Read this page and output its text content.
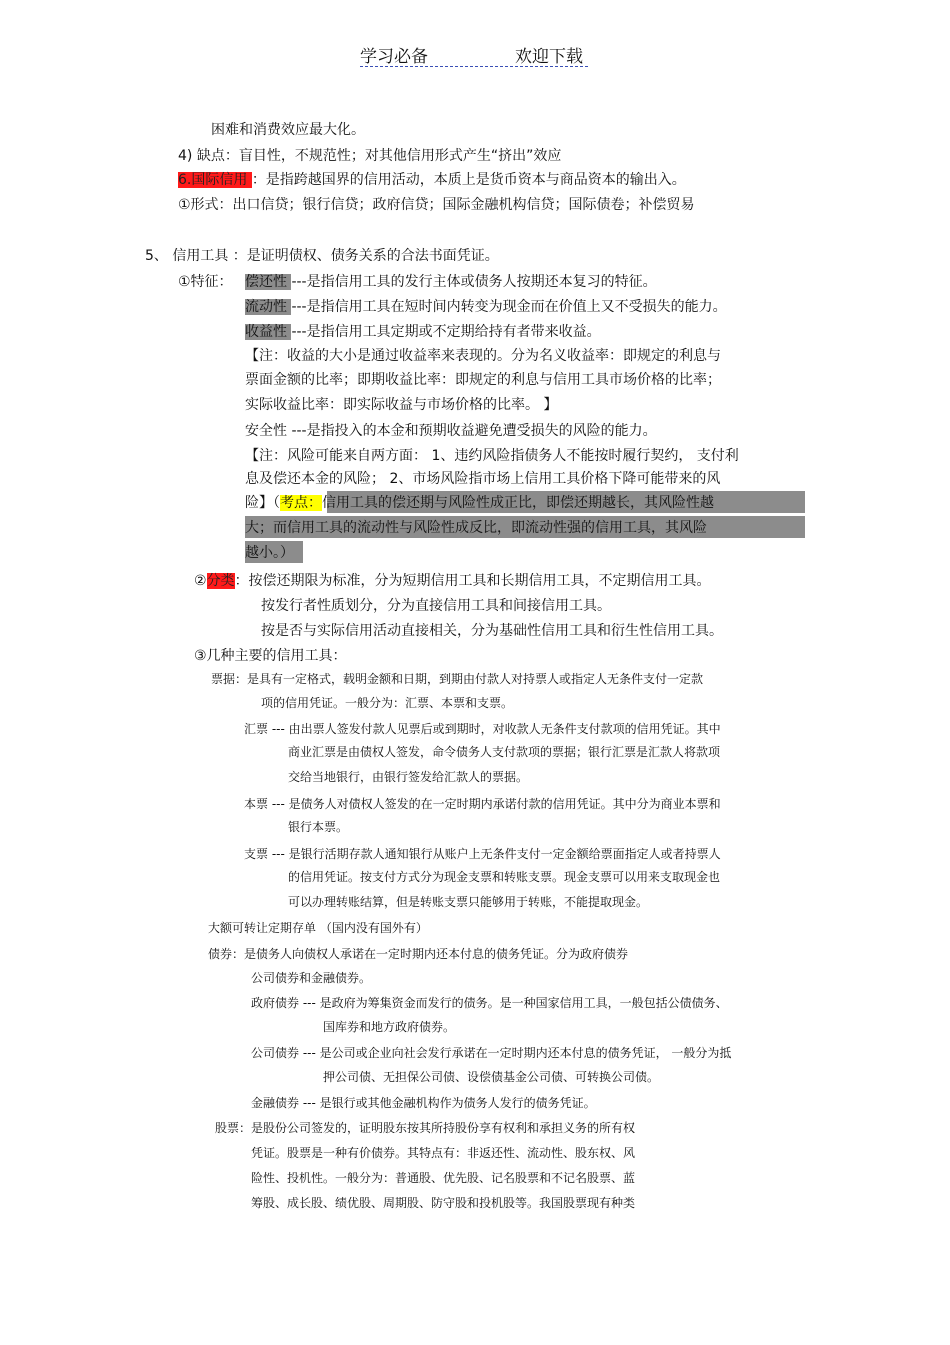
学习必备	欢迎下载
困难和消费效应最大化。
4) 缺点：盲目性，不规范性；对其他信用形式产生“挤出”效应
6.国际信用 ：是指跨越国界的信用活动，本质上是货币资本与商品资本的输出入。
①形式：出口信贷；银行信贷；政府信贷；国际金融机构信贷；国际债卷；补偿贸易
5、 信用工具 ：是证明债权、债务关系的合法书面凭证。
①特征： 偿还性 ---是指信用工具的发行主体或债务人按期还本复习的特征。
流动性 ---是指信用工具在短时间内转变为现金而在价值上又不受损失的能力。
收益性 ---是指信用工具定期或不定期给持有者带来收益。
【注：收益的大小是通过收益率来表现的。分为名义收益率：即规定的利息与
票面金额的比率；即期收益比率：即规定的利息与信用工具市场价格的比率；
实际收益比率：即实际收益与市场价格的比率。 】
安全性 ---是指投入的本金和预期收益避免遭受损失的风险的能力。
【注：风险可能来自两方面： 1、违约风险指债务人不能按时履行契约， 支付利
息及偿还本金的风险； 2、市场风险指市场上信用工具价格下降可能带来的风
险】（考点：信用工具的偿还期与风险性成正比，即偿还期越长，其风险性越
大；而信用工具的流动性与风险性成反比，即流动性强的信用工具，其风险
越小。）
②分类：按偿还期限为标准，分为短期信用工具和长期信用工具，不定期信用工具。
按发行者性质划分，分为直接信用工具和间接信用工具。
按是否与实际信用活动直接相关，分为基础性信用工具和衍生性信用工具。
③几种主要的信用工具：
票据：是具有一定格式，载明金额和日期，到期由付款人对持票人或指定人无条件支付一定款
项的信用凭证。一般分为：汇票、本票和支票。
汇票 --- 由出票人签发付款人见票后或到期时，对收款人无条件支付款项的信用凭证。其中
商业汇票是由债权人签发，命令债务人支付款项的票据；银行汇票是汇款人将款项
交给当地银行，由银行签发给汇款人的票据。
本票 --- 是债务人对债权人签发的在一定时期内承诺付款的信用凭证。其中分为商业本票和
银行本票。
支票 --- 是银行活期存款人通知银行从账户上无条件支付一定金额给票面指定人或者持票人
的信用凭证。按支付方式分为现金支票和转账支票。现金支票可以用来支取现金也
可以办理转账结算，但是转账支票只能够用于转账，不能提取现金。
大额可转让定期存单 （国内没有国外有）
债券：是债务人向债权人承诺在一定时期内还本付息的债务凭证。分为政府债券
公司债券和金融债券。
政府债券 --- 是政府为筹集资金而发行的债务。是一种国家信用工具，一般包括公债债务、
国库券和地方政府债券。
公司债券 --- 是公司或企业向社会发行承诺在一定时期内还本付息的债务凭证， 一般分为抵
押公司债、无担保公司债、设偿债基金公司债、可转换公司债。
金融债券 --- 是银行或其他金融机构作为债务人发行的债务凭证。
股票：是股份公司签发的，证明股东按其所持股份享有权利和承担义务的所有权
凭证。股票是一种有价债券。其特点有：非返还性、流动性、股东权、风
险性、投机性。一般分为：普通股、优先股、记名股票和不记名股票、蓝
筹股、成长股、绩优股、周期股、防守股和投机股等。我国股票现有种类
